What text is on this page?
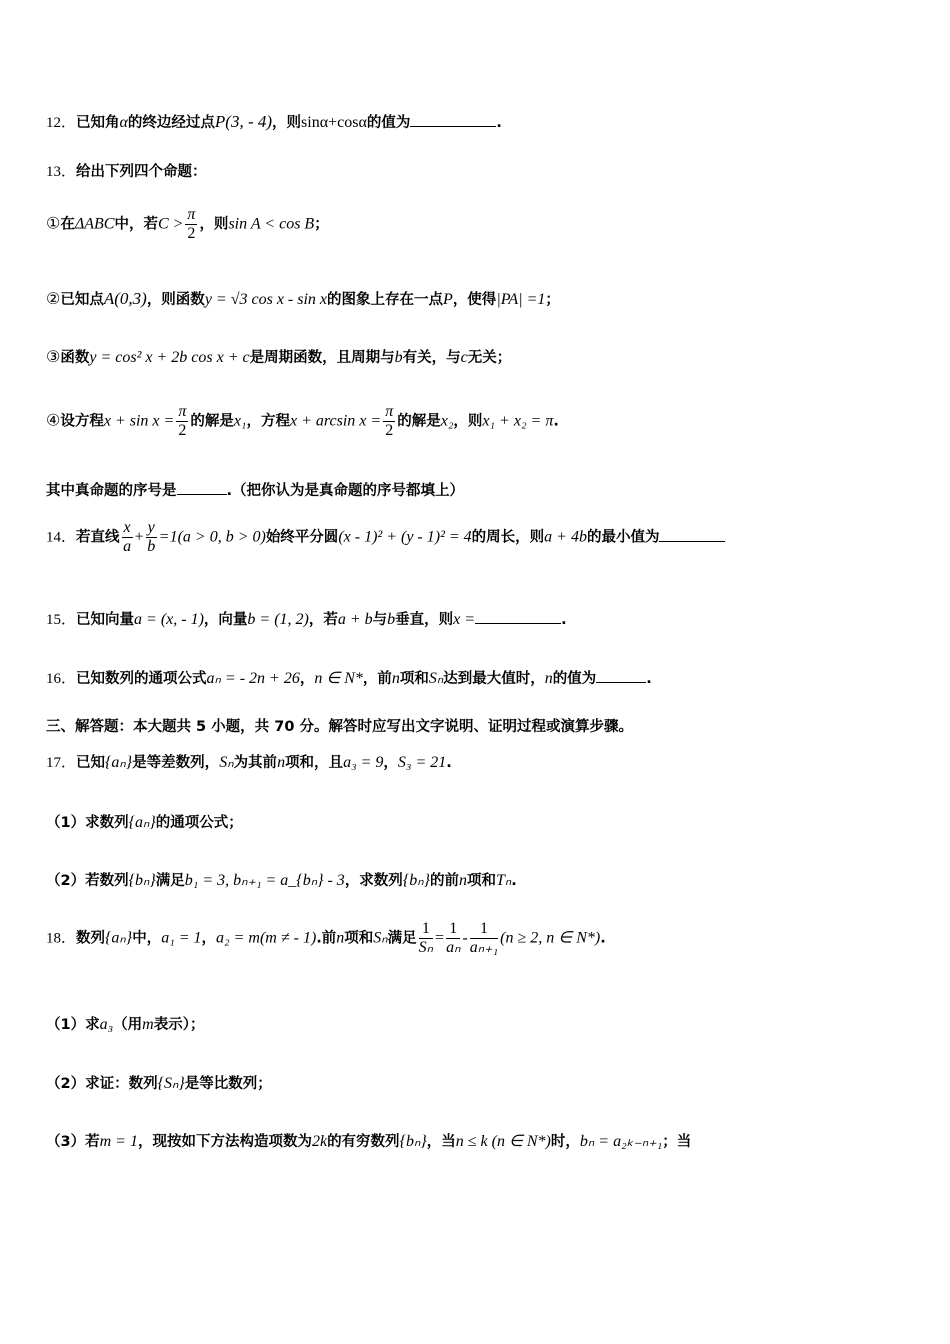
12．已知角α的终边经过点P(3, - 4)，则sinα+cosα的值为	.
13．给出下列四个命题：
①在ΔABC中，若$C > \frac{\pi}{2}$ ，则sin A < cos B；
②已知点A(0,3)，则函数y = √3 cos x - sin x的图象上存在一点P，使得|PA| =1；
③函数y = cos² x + 2b cos x + c是周期函数，且周期与b有关，与c无关；
④设方程$x + \sin x = \frac{\pi}{2}$ 的解是x₁，方程$x + \arcsin x = \frac{\pi}{2}$ 的解是x₂，则x₁ + x₂ = π.
其中真命题的序号是	.（把你认为是真命题的序号都填上）
14．若直线 $\frac{x}{a} + \frac{y}{b} =1(a > 0$, b > 0)始终平分圆(x - 1)² + (y - 1)² = 4的周长，则a + 4b的最小值为
15．已知向量a = (x, - 1)，向量b = (1, 2)，若a + b与b垂直，则x =	.
16．已知数列的通项公式aₙ = - 2n + 26，n ∈ N*，前n项和Sₙ达到最大值时，n的值为	.
三、解答题：本大题共 5 小题，共 70 分。解答时应写出文字说明、证明过程或演算步骤。
17．已知{aₙ}是等差数列，Sₙ为其前n项和，且a₃ = 9，S₃ = 21.
（1）求数列{aₙ}的通项公式；
（2）若数列{bₙ}满足b₁ = 3, bₙ₊₁ = a_{bₙ} - 3，求数列{bₙ}的前n项和Tₙ.
18．数列{aₙ}中，a₁ = 1，a₂ = m(m ≠ - 1).前n项和Sₙ满足 $\frac{1}{\text{Sₙ}} = \frac{1}{\text{aₙ}} - \frac{1}{\text{aₙ₊₁}} (n \ge 2$, n ∈ N*).
（1）求a₃（用m表示）；
（2）求证：数列{Sₙ}是等比数列；
（3）若m = 1，现按如下方法构造项数为2k的有穷数列{bₙ}，当n ≤ k (n ∈ N*)时，bₙ = a₂ₖ₋ₙ₊₁；当
